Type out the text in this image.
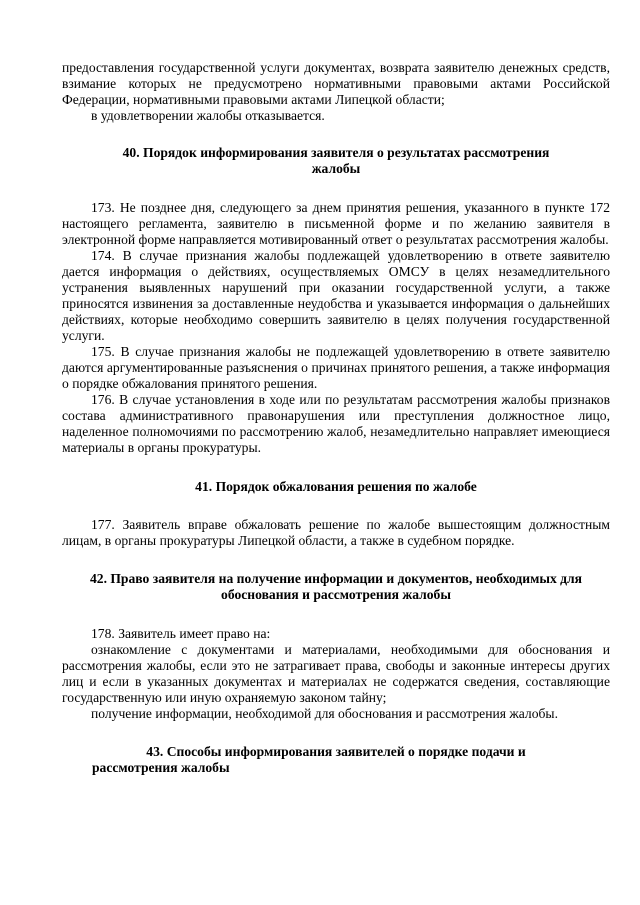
предоставления государственной услуги документах, возврата заявителю денежных средств, взимание которых не предусмотрено нормативными правовыми актами Российской Федерации, нормативными правовыми актами Липецкой области;

в удовлетворении жалобы отказывается.

40. Порядок информирования заявителя о результатах рассмотрения жалобы

173. Не позднее дня, следующего за днем принятия решения, указанного в пункте 172 настоящего регламента, заявителю в письменной форме и по желанию заявителя в электронной форме направляется мотивированный ответ о результатах рассмотрения жалобы.

174. В случае признания жалобы подлежащей удовлетворению в ответе заявителю дается информация о действиях, осуществляемых ОМСУ в целях незамедлительного устранения выявленных нарушений при оказании государственной услуги, а также приносятся извинения за доставленные неудобства и указывается информация о дальнейших действиях, которые необходимо совершить заявителю в целях получения государственной услуги.

175. В случае признания жалобы не подлежащей удовлетворению в ответе заявителю даются аргументированные разъяснения о причинах принятого решения, а также информация о порядке обжалования принятого решения.

176. В случае установления в ходе или по результатам рассмотрения жалобы признаков состава административного правонарушения или преступления должностное лицо, наделенное полномочиями по рассмотрению жалоб, незамедлительно направляет имеющиеся материалы в органы прокуратуры.

41. Порядок обжалования решения по жалобе

177. Заявитель вправе обжаловать решение по жалобе вышестоящим должностным лицам, в органы прокуратуры Липецкой области, а также в судебном порядке.

42. Право заявителя на получение информации и документов, необходимых для обоснования и рассмотрения жалобы

178. Заявитель имеет право на:

ознакомление с документами и материалами, необходимыми для обоснования и рассмотрения жалобы, если это не затрагивает права, свободы и законные интересы других лиц и если в указанных документах и материалах не содержатся сведения, составляющие государственную или иную охраняемую законом тайну;

получение информации, необходимой для обоснования и рассмотрения жалобы.

43. Способы информирования заявителей о порядке подачи и
рассмотрения жалобы
